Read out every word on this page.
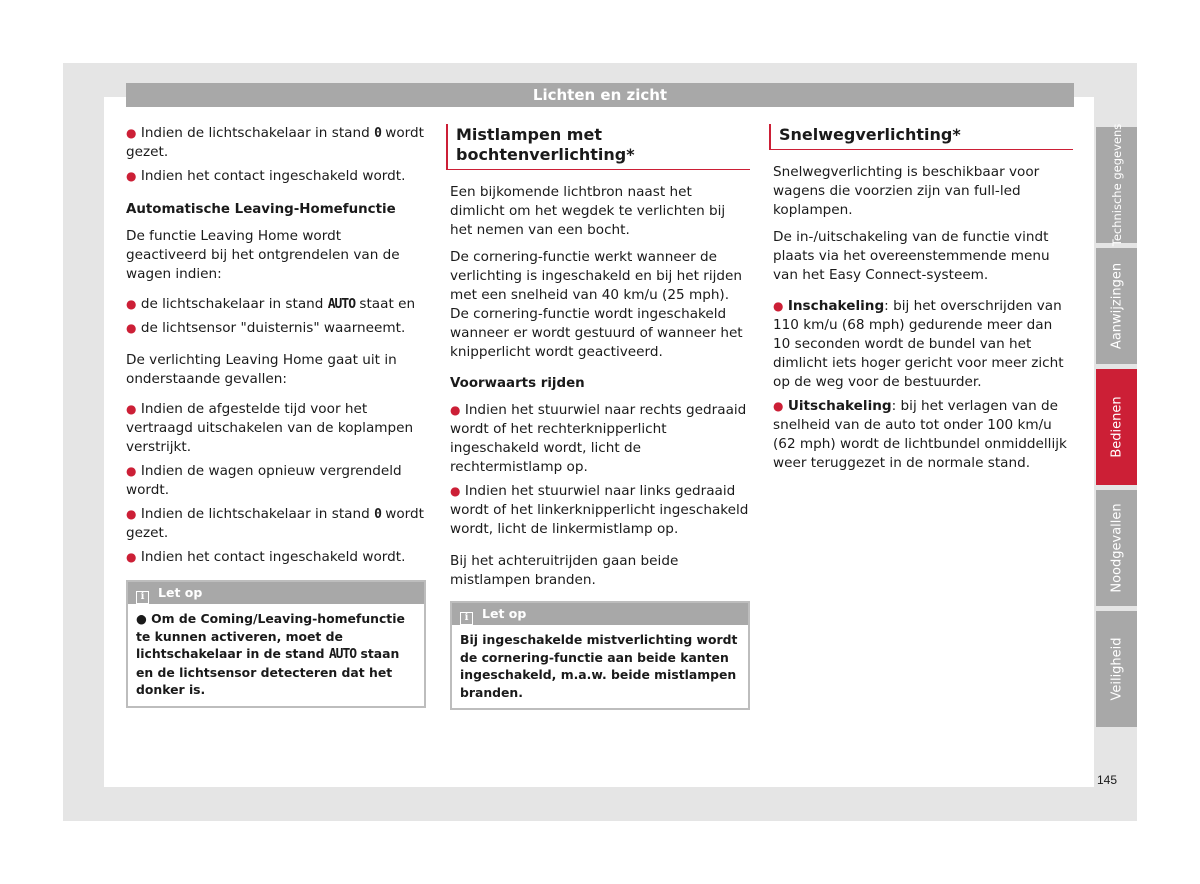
Lichten en zicht

● Indien de lichtschakelaar in stand 0 wordt gezet.

● Indien het contact ingeschakeld wordt.

Automatische Leaving-Homefunctie

De functie Leaving Home wordt geactiveerd bij het ontgrendelen van de wagen indien:

● de lichtschakelaar in stand AUTO staat en

● de lichtsensor "duisternis" waarneemt.

De verlichting Leaving Home gaat uit in onderstaande gevallen:

● Indien de afgestelde tijd voor het vertraagd uitschakelen van de koplampen verstrijkt.

● Indien de wagen opnieuw vergrendeld wordt.

● Indien de lichtschakelaar in stand 0 wordt gezet.

● Indien het contact ingeschakeld wordt.

i Let op
● Om de Coming/Leaving-homefunctie te kunnen activeren, moet de lichtschakelaar in de stand AUTO staan en de lichtsensor detecteren dat het donker is.
Mistlampen met bochtenverlichting*

Een bijkomende lichtbron naast het dimlicht om het wegdek te verlichten bij het nemen van een bocht.

De cornering-functie werkt wanneer de verlichting is ingeschakeld en bij het rijden met een snelheid van 40 km/u (25 mph). De cornering-functie wordt ingeschakeld wanneer er wordt gestuurd of wanneer het knipperlicht wordt geactiveerd.

Voorwaarts rijden

● Indien het stuurwiel naar rechts gedraaid wordt of het rechterknipperlicht ingeschakeld wordt, licht de rechtermistlamp op.

● Indien het stuurwiel naar links gedraaid wordt of het linkerknipperlicht ingeschakeld wordt, licht de linkermistlamp op.

Bij het achteruitrijden gaan beide mistlampen branden.

i Let op
Bij ingeschakelde mistverlichting wordt de cornering-functie aan beide kanten ingeschakeld, m.a.w. beide mistlampen branden.
Snelwegverlichting*

Snelwegverlichting is beschikbaar voor wagens die voorzien zijn van full-led koplampen.

De in-/uitschakeling van de functie vindt plaats via het overeenstemmende menu van het Easy Connect-systeem.

● Inschakeling: bij het overschrijden van 110 km/u (68 mph) gedurende meer dan 10 seconden wordt de bundel van het dimlicht iets hoger gericht voor meer zicht op de weg voor de bestuurder.

● Uitschakeling: bij het verlagen van de snelheid van de auto tot onder 100 km/u (62 mph) wordt de lichtbundel onmiddellijk weer teruggezet in de normale stand.

Technische gegevens
Aanwijzingen
Bedienen
Noodgevallen
Veiligheid
145
